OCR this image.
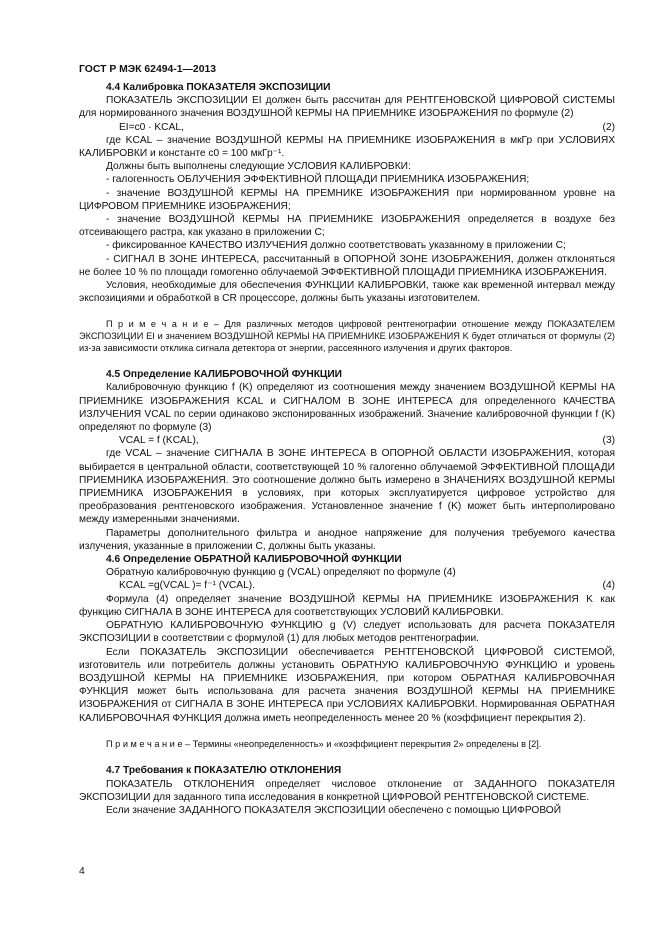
ГОСТ Р МЭК 62494-1—2013

4.4 Калибровка ПОКАЗАТЕЛЯ ЭКСПОЗИЦИИ

ПОКАЗАТЕЛЬ ЭКСПОЗИЦИИ EI должен быть рассчитан для РЕНТГЕНОВСКОЙ ЦИФРОВОЙ СИСТЕМЫ для нормированного значения ВОЗДУШНОЙ КЕРМЫ НА ПРИЕМНИКЕ ИЗОБРАЖЕНИЯ по формуле (2)

EI=c0 · KCAL,	(2)

где KCAL – значение ВОЗДУШНОЙ КЕРМЫ НА ПРИЕМНИКЕ ИЗОБРАЖЕНИЯ в мкГр при УСЛОВИЯХ КАЛИБРОВКИ и константе c0 = 100 мкГр⁻¹.

Должны быть выполнены следующие УСЛОВИЯ КАЛИБРОВКИ:

- галогенность ОБЛУЧЕНИЯ ЭФФЕКТИВНОЙ ПЛОЩАДИ ПРИЕМНИКА ИЗОБРАЖЕНИЯ;

- значение ВОЗДУШНОЙ КЕРМЫ НА ПРЕМНИКЕ ИЗОБРАЖЕНИЯ при нормированном уровне на ЦИФРОВОМ ПРИЕМНИКЕ ИЗОБРАЖЕНИЯ;

- значение ВОЗДУШНОЙ КЕРМЫ НА ПРИЕМНИКЕ ИЗОБРАЖЕНИЯ определяется в воздухе без отсеивающего растра, как указано в приложении C;

- фиксированное КАЧЕСТВО ИЗЛУЧЕНИЯ должно соответствовать указанному в приложении C;

- СИГНАЛ В ЗОНЕ ИНТЕРЕСА, рассчитанный в ОПОРНОЙ ЗОНЕ ИЗОБРАЖЕНИЯ, должен отклоняться не более 10 % по площади гомогенно облучаемой ЭФФЕКТИВНОЙ ПЛОЩАДИ ПРИЕМНИКА ИЗОБРАЖЕНИЯ.

Условия, необходимые для обеспечения ФУНКЦИИ КАЛИБРОВКИ, также как временной интервал между экспозициями и обработкой в CR процессоре, должны быть указаны изготовителем.

П р и м е ч а н и е – Для различных методов цифровой рентгенографии отношение между ПОКАЗАТЕЛЕМ ЭКСПОЗИЦИИ EI и значением ВОЗДУШНОЙ КЕРМЫ НА ПРИЕМНИКЕ ИЗОБРАЖЕНИЯ K будет отличаться от формулы (2) из-за зависимости отклика сигнала детектора от энергии, рассеянного излучения и других факторов.

4.5 Определение КАЛИБРОВОЧНОЙ ФУНКЦИИ

Калибровочную функцию f (K) определяют из соотношения между значением ВОЗДУШНОЙ КЕРМЫ НА ПРИЕМНИКЕ ИЗОБРАЖЕНИЯ KCAL и СИГНАЛОМ В ЗОНЕ ИНТЕРЕСА для определенного КАЧЕСТВА ИЗЛУЧЕНИЯ VCAL по серии одинаково экспонированных изображений. Значение калибровочной функции f (K) определяют по формуле (3)

VCAL = f (KCAL),	(3)

где VCAL – значение СИГНАЛА В ЗОНЕ ИНТЕРЕСА В ОПОРНОЙ ОБЛАСТИ ИЗОБРАЖЕНИЯ, которая выбирается в центральной области, соответствующей 10 % галогенно облучаемой ЭФФЕКТИВНОЙ ПЛОЩАДИ ПРИЕМНИКА ИЗОБРАЖЕНИЯ. Это соотношение должно быть измерено в ЗНАЧЕНИЯХ ВОЗДУШНОЙ КЕРМЫ ПРИЕМНИКА ИЗОБРАЖЕНИЯ в условиях, при которых эксплуатируется цифровое устройство для преобразования рентгеновского изображения. Установленное значение f (K) может быть интерполировано между измеренными значениями.

Параметры дополнительного фильтра и анодное напряжение для получения требуемого качества излучения, указанные в приложении C, должны быть указаны.

4.6 Определение ОБРАТНОЙ КАЛИБРОВОЧНОЙ ФУНКЦИИ

Обратную калибровочную функцию g (VCAL) определяют по формуле (4)

KCAL =g(VCAL )= f⁻¹ (VCAL).	(4)

Формула (4) определяет значение ВОЗДУШНОЙ КЕРМЫ НА ПРИЕМНИКЕ ИЗОБРАЖЕНИЯ K как функцию СИГНАЛА В ЗОНЕ ИНТЕРЕСА для соответствующих УСЛОВИЙ КАЛИБРОВКИ.

ОБРАТНУЮ КАЛИБРОВОЧНУЮ ФУНКЦИЮ g (V) следует использовать для расчета ПОКАЗАТЕЛЯ ЭКСПОЗИЦИИ в соответствии с формулой (1) для любых методов рентгенографии.

Если ПОКАЗАТЕЛЬ ЭКСПОЗИЦИИ обеспечивается РЕНТГЕНОВСКОЙ ЦИФРОВОЙ СИСТЕМОЙ, изготовитель или потребитель должны установить ОБРАТНУЮ КАЛИБРОВОЧНУЮ ФУНКЦИЮ и уровень ВОЗДУШНОЙ КЕРМЫ НА ПРИЕМНИКЕ ИЗОБРАЖЕНИЯ, при котором ОБРАТНАЯ КАЛИБРОВОЧНАЯ ФУНКЦИЯ может быть использована для расчета значения ВОЗДУШНОЙ КЕРМЫ НА ПРИЕМНИКЕ ИЗОБРАЖЕНИЯ от СИГНАЛА В ЗОНЕ ИНТЕРЕСА при УСЛОВИЯХ КАЛИБРОВКИ. Нормированная ОБРАТНАЯ КАЛИБРОВОЧНАЯ ФУНКЦИЯ должна иметь неопределенность менее 20 % (коэффициент перекрытия 2).

П р и м е ч а н и е – Термины «неопределенность» и «коэффициент перекрытия 2» определены в [2].

4.7 Требования к ПОКАЗАТЕЛЮ ОТКЛОНЕНИЯ

ПОКАЗАТЕЛЬ ОТКЛОНЕНИЯ определяет числовое отклонение от ЗАДАННОГО ПОКАЗАТЕЛЯ ЭКСПОЗИЦИИ для заданного типа исследования в конкретной ЦИФРОВОЙ РЕНТГЕНОВСКОЙ СИСТЕМЕ.

Если значение ЗАДАННОГО ПОКАЗАТЕЛЯ ЭКСПОЗИЦИИ обеспечено с помощью ЦИФРОВОЙ

4
